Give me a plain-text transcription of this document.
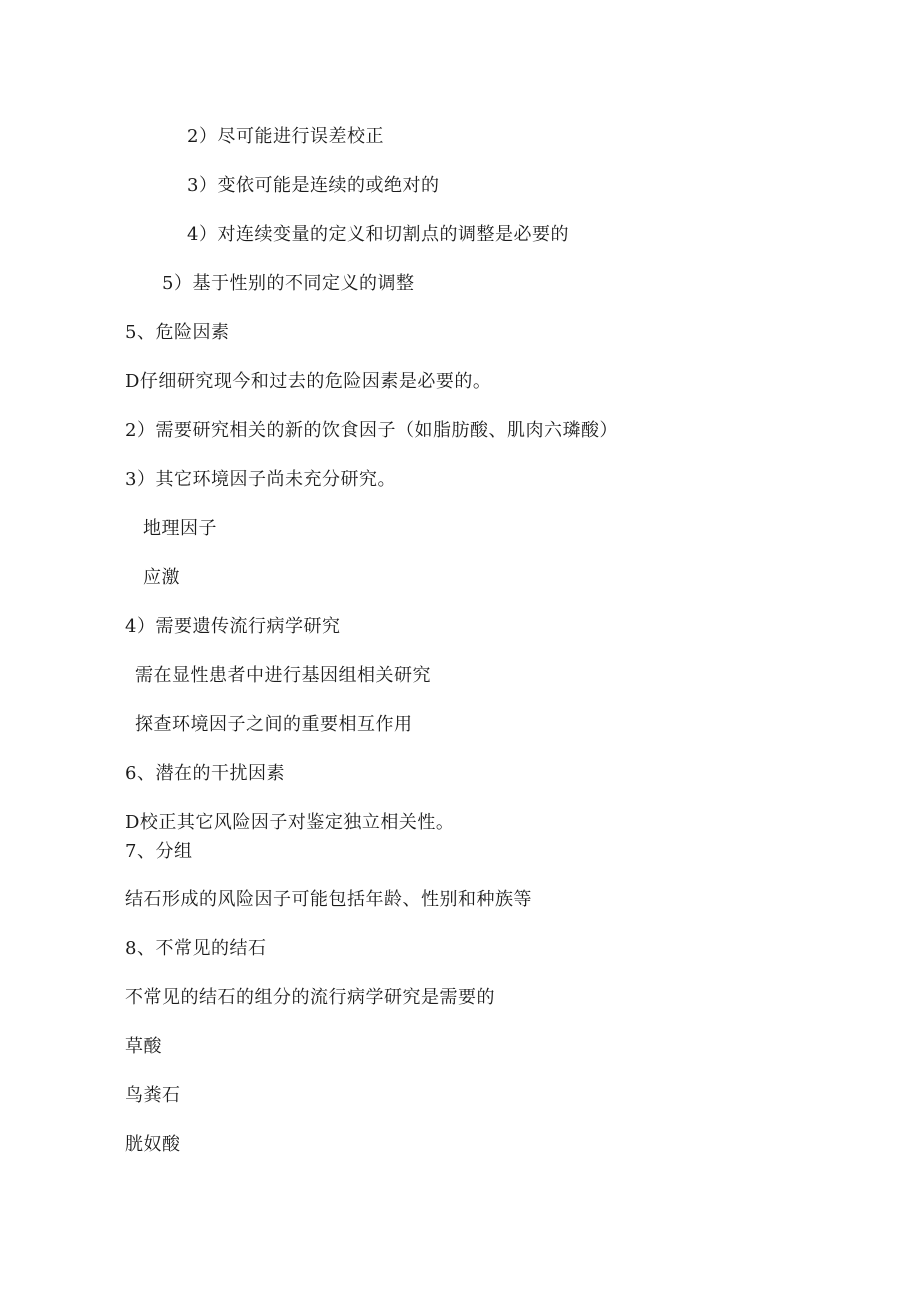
2）尽可能进行误差校正
3）变依可能是连续的或绝对的
4）对连续变量的定义和切割点的调整是必要的
5）基于性别的不同定义的调整
5、危险因素
D仔细研究现今和过去的危险因素是必要的。
2）需要研究相关的新的饮食因子（如脂肪酸、肌肉六璘酸）
3）其它环境因子尚未充分研究。
地理因子
应激
4）需要遗传流行病学研究
需在显性患者中进行基因组相关研究
探查环境因子之间的重要相互作用
6、潜在的干扰因素
D校正其它风险因子对鉴定独立相关性。
7、分组
结石形成的风险因子可能包括年龄、性别和种族等
8、不常见的结石
不常见的结石的组分的流行病学研究是需要的
草酸
鸟粪石
胱奴酸
